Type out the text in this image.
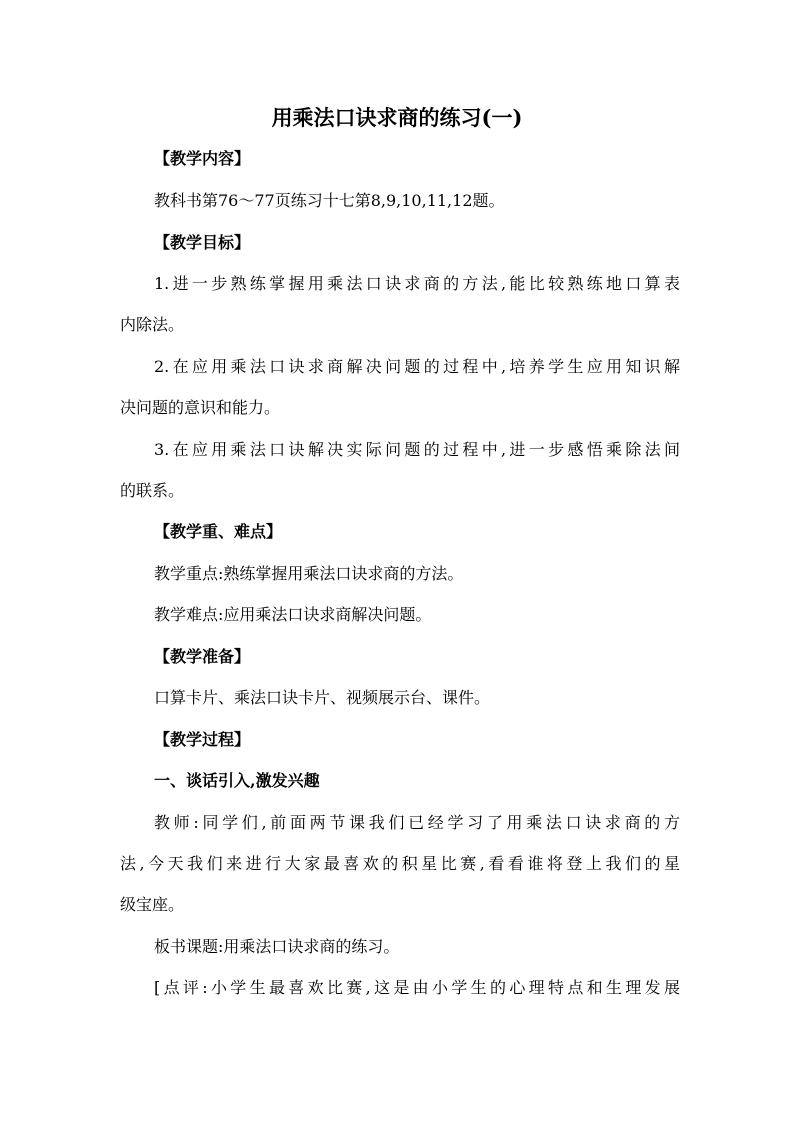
用乘法口诀求商的练习(一)

【教学内容】

教科书第76～77页练习十七第8,9,10,11,12题。

【教学目标】

1.进一步熟练掌握用乘法口诀求商的方法,能比较熟练地口算表

内除法。

2.在应用乘法口诀求商解决问题的过程中,培养学生应用知识解

决问题的意识和能力。

3.在应用乘法口诀解决实际问题的过程中,进一步感悟乘除法间

的联系。

【教学重、难点】

教学重点:熟练掌握用乘法口诀求商的方法。

教学难点:应用乘法口诀求商解决问题。

【教学准备】

口算卡片、乘法口诀卡片、视频展示台、课件。

【教学过程】

一、谈话引入,激发兴趣

教师:同学们,前面两节课我们已经学习了用乘法口诀求商的方

法,今天我们来进行大家最喜欢的积星比赛,看看谁将登上我们的星

级宝座。

板书课题:用乘法口诀求商的练习。

[点评:小学生最喜欢比赛,这是由小学生的心理特点和生理发展
